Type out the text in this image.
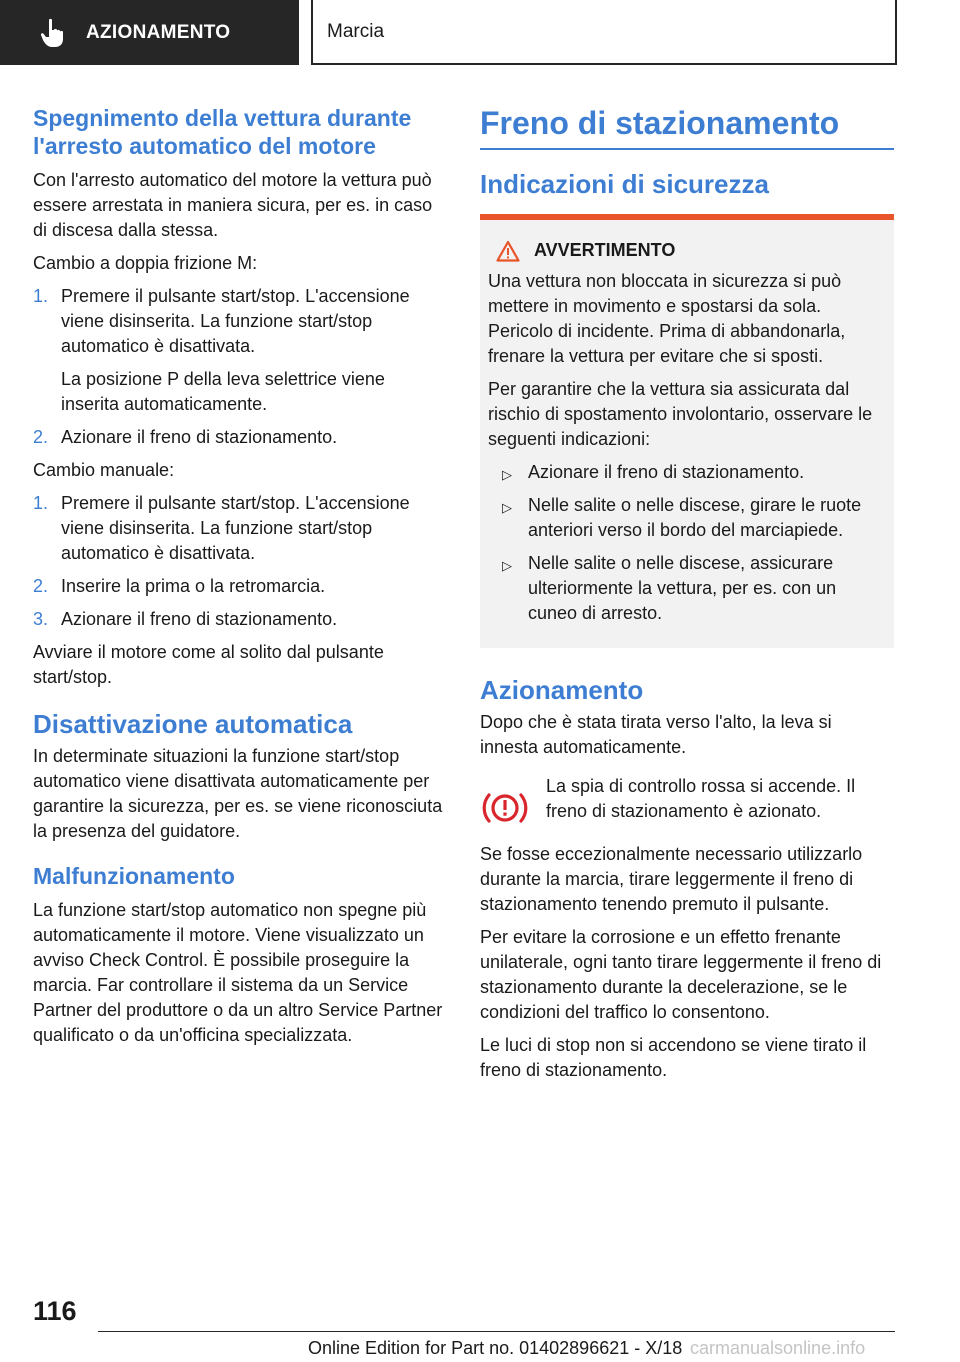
AZIONAMENTO	Marcia
Spegnimento della vettura durante l'arresto automatico del motore

Con l'arresto automatico del motore la vettura può essere arrestata in maniera sicura, per es. in caso di discesa dalla stessa.

Cambio a doppia frizione M:

1. Premere il pulsante start/stop. L'accensione viene disinserita. La funzione start/stop automatico è disattivata.
La posizione P della leva selettrice viene inserita automaticamente.
2. Azionare il freno di stazionamento.

Cambio manuale:

1. Premere il pulsante start/stop. L'accensione viene disinserita. La funzione start/stop automatico è disattivata.
2. Inserire la prima o la retromarcia.
3. Azionare il freno di stazionamento.

Avviare il motore come al solito dal pulsante start/stop.

Disattivazione automatica

In determinate situazioni la funzione start/stop automatico viene disattivata automaticamente per garantire la sicurezza, per es. se viene riconosciuta la presenza del guidatore.

Malfunzionamento

La funzione start/stop automatico non spegne più automaticamente il motore. Viene visualizzato un avviso Check Control. È possibile proseguire la marcia. Far controllare il sistema da un Service Partner del produttore o da un altro Service Partner qualificato o da un'officina specializzata.

Freno di stazionamento
Indicazioni di sicurezza
AVVERTIMENTO

Una vettura non bloccata in sicurezza si può mettere in movimento e spostarsi da sola. Pericolo di incidente. Prima di abbandonarla, frenare la vettura per evitare che si sposti.

Per garantire che la vettura sia assicurata dal rischio di spostamento involontario, osservare le seguenti indicazioni:

▷ Azionare il freno di stazionamento.
▷ Nelle salite o nelle discese, girare le ruote anteriori verso il bordo del marciapiede.
▷ Nelle salite o nelle discese, assicurare ulteriormente la vettura, per es. con un cuneo di arresto.
Azionamento

Dopo che è stata tirata verso l'alto, la leva si innesta automaticamente.

La spia di controllo rossa si accende. Il freno di stazionamento è azionato.

Se fosse eccezionalmente necessario utilizzarlo durante la marcia, tirare leggermente il freno di stazionamento tenendo premuto il pulsante.

Per evitare la corrosione e un effetto frenante unilaterale, ogni tanto tirare leggermente il freno di stazionamento durante la decelerazione, se le condizioni del traffico lo consentono.

Le luci di stop non si accendono se viene tirato il freno di stazionamento.

116
Online Edition for Part no. 01402896621 - X/18 carmanualsonline.info
